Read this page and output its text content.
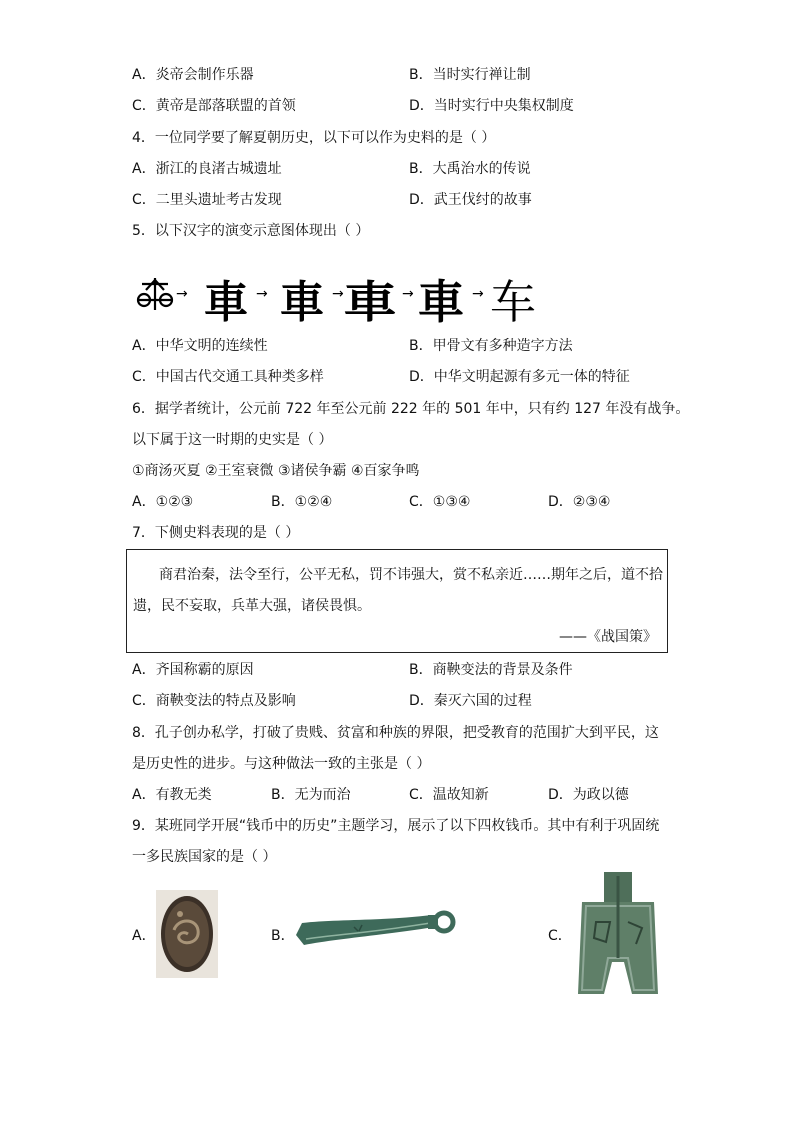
A．炎帝会制作乐器	B．当时实行禅让制
C．黄帝是部落联盟的首领	D．当时实行中央集权制度
4．一位同学要了解夏朝历史，以下可以作为史料的是（ ）
A．浙江的良渚古城遗址	B．大禹治水的传说
C．二里头遗址考古发现	D．武王伐纣的故事
5．以下汉字的演变示意图体现出（ ）
→ 車 → 車 → 車 → 車 → 车
A．中华文明的连续性	B．甲骨文有多种造字方法
C．中国古代交通工具种类多样	D．中华文明起源有多元一体的特征
6．据学者统计，公元前 722 年至公元前 222 年的 501 年中，只有约 127 年没有战争。
以下属于这一时期的史实是（ ）
①商汤灭夏 ②王室衰微 ③诸侯争霸 ④百家争鸣
A．①②③	B．①②④	C．①③④	D．②③④
7．下侧史料表现的是（ ）
商君治秦，法令至行，公平无私，罚不讳强大，赏不私亲近……期年之后，道不拾
遗，民不妄取，兵革大强，诸侯畏惧。
——《战国策》
A．齐国称霸的原因	B．商鞅变法的背景及条件
C．商鞅变法的特点及影响	D．秦灭六国的过程
8．孔子创办私学，打破了贵贱、贫富和种族的界限，把受教育的范围扩大到平民，这
是历史性的进步。与这种做法一致的主张是（ ）
A．有教无类	B．无为而治	C．温故知新	D．为政以德
9．某班同学开展“钱币中的历史”主题学习，展示了以下四枚钱币。其中有利于巩固统
一多民族国家的是（ ）
A．	B．	C．
